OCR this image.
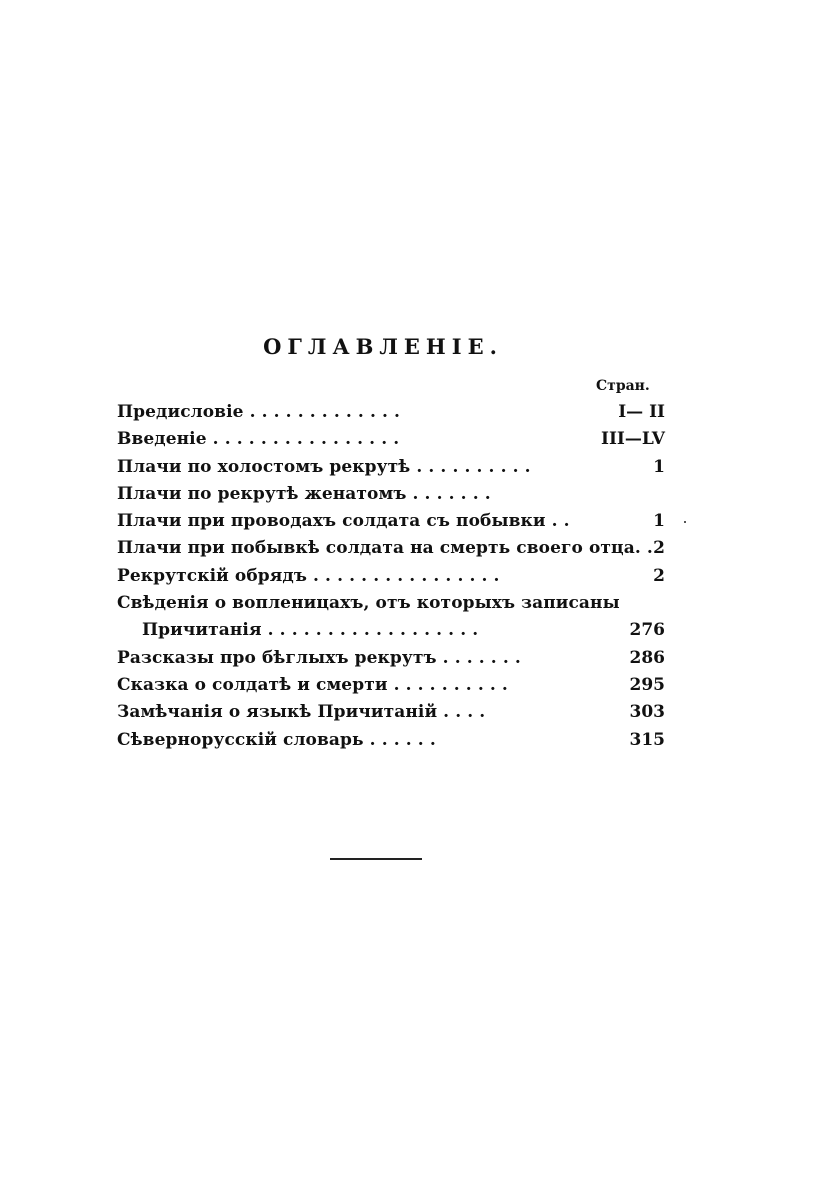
ОГЛАВЛЕНІЕ.
Стран.
Предисловіе . . . . . . . . . . . . .	I— II
Введеніе . . . . . . . . . . . . . . . .	III—LV
Плачи по холостомъ рекрутѣ . . . . . . . . . .	1
Плачи по рекрутѣ женатомъ . . . . . . .
Плачи при проводахъ солдата съ побывки . .	1
Плачи при побывкѣ солдата на смерть своего отца. . 2
Рекрутскій обрядъ . . . . . . . . . . . . . . . .	2
Свѣденія о вопленицахъ, отъ которыхъ записаны
Причитанія . . . . . . . . . . . . . . . . . .	276
Разсказы про бѣглыхъ рекрутъ . . . . . . .	286
Сказка о солдатѣ и смерти . . . . . . . . . .	295
Замѣчанія о языкѣ Причитаній . . . .	303
Сѣвернорусскій словарь . . . . . .	315
